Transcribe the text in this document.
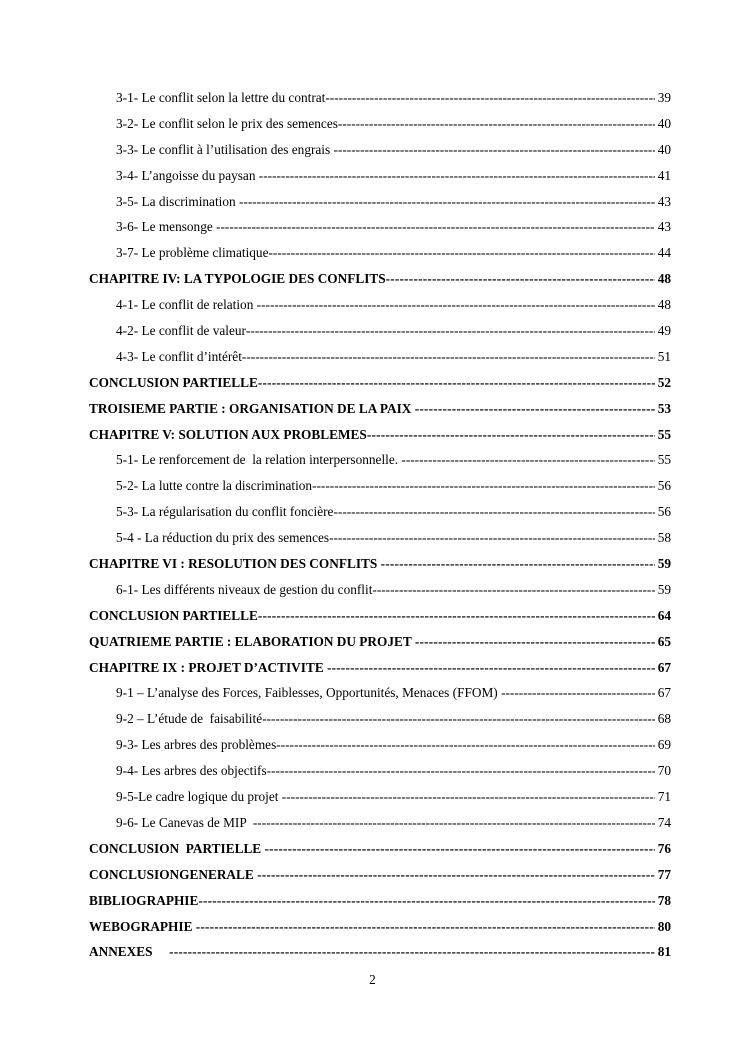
3-1- Le conflit selon la lettre du contrat -----	39
3-2- Le conflit selon le prix des semences -----	40
3-3- Le conflit à l’utilisation des engrais -----	40
3-4- L’angoisse du paysan -----	41
3-5- La discrimination -----	43
3-6- Le mensonge -----	43
3-7- Le problème climatique -----	44
CHAPITRE IV: LA TYPOLOGIE DES CONFLITS -----	48
4-1- Le conflit de relation -----	48
4-2- Le conflit de valeur -----	49
4-3- Le conflit d’intérêt -----	51
CONCLUSION PARTIELLE -----	52
TROISIEME PARTIE : ORGANISATION DE LA PAIX -----	53
CHAPITRE V: SOLUTION AUX PROBLEMES -----	55
5-1- Le renforcement de  la relation interpersonnelle. -----	55
5-2- La lutte contre la discrimination -----	56
5-3- La régularisation du conflit foncière -----	56
5-4 - La réduction du prix des semences -----	58
CHAPITRE VI : RESOLUTION DES CONFLITS -----	59
6-1- Les différents niveaux de gestion du conflit -----	59
CONCLUSION PARTIELLE -----	64
QUATRIEME PARTIE : ELABORATION DU PROJET -----	65
CHAPITRE IX : PROJET D’ACTIVITE -----	67
9-1 – L’analyse des Forces, Faiblesses, Opportunités, Menaces (FFOM) -----	67
9-2 – L’étude de  faisabilité -----	68
9-3- Les arbres des problèmes -----	69
9-4- Les arbres des objectifs -----	70
9-5-Le cadre logique du projet -----	71
9-6- Le Canevas de MIP -----	74
CONCLUSION  PARTIELLE -----	76
CONCLUSIONGENERALE -----	77
BIBLIOGRAPHIE -----	78
WEBOGRAPHIE -----	80
ANNEXES -----	81
2
